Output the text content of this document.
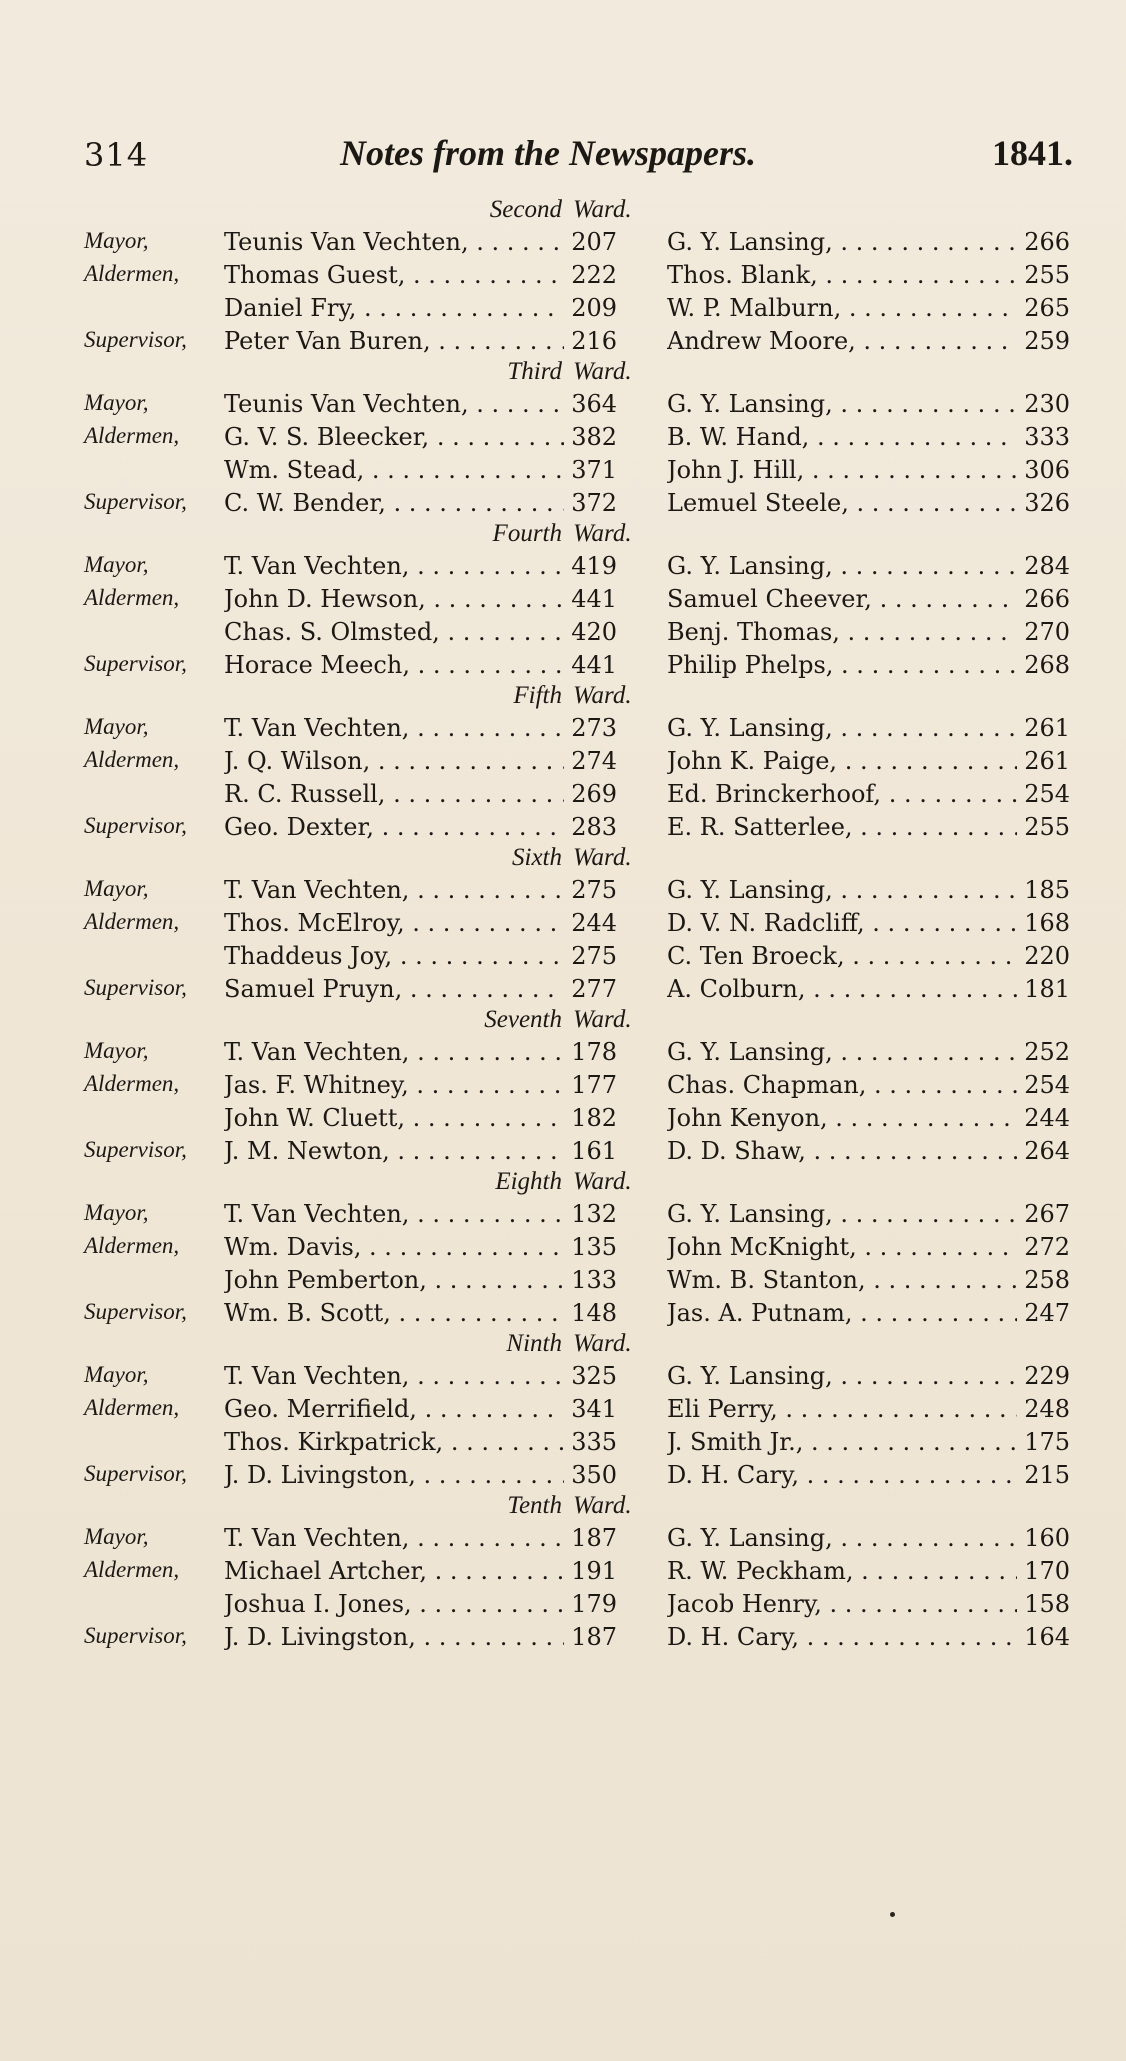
314	Notes from the Newspapers.	1841.
Second Ward.
Mayor,	Teunis Van Vechten, . . .	207 G. Y. Lansing, . . .	266
Aldermen, Thomas Guest, . . .	222 Thos. Blank, . . .	255
Daniel Fry, . . .	209 W. P. Malburn, . . .	265
Supervisor, Peter Van Buren, . . .	216 Andrew Moore, . . .	259
Third Ward.
Mayor,	Teunis Van Vechten, . . .	364 G. Y. Lansing, . . .	230
Aldermen, G. V. S. Bleecker, . . .	382 B. W. Hand, . . .	333
Wm. Stead, . . .	371 John J. Hill, . . .	306
Supervisor, C. W. Bender, . . .	372 Lemuel Steele, . . .	326
Fourth Ward.
Mayor,	T. Van Vechten, . . .	419 G. Y. Lansing, . . .	284
Aldermen, John D. Hewson, . . .	441 Samuel Cheever, . . .	266
Chas. S. Olmsted, . . .	420 Benj. Thomas, . . .	270
Supervisor, Horace Meech, . . .	441 Philip Phelps, . . .	268
Fifth Ward.
Mayor,	T. Van Vechten, . . .	273 G. Y. Lansing, . . .	261
Aldermen, J. Q. Wilson, . . .	274 John K. Paige, . . .	261
R. C. Russell, . . .	269 Ed. Brinckerhoof, . . .	254
Supervisor, Geo. Dexter, . . .	283 E. R. Satterlee, . . .	255
Sixth Ward.
Mayor,	T. Van Vechten, . . .	275 G. Y. Lansing, . . .	185
Aldermen, Thos. McElroy, . . .	244 D. V. N. Radcliff, . . .	168
Thaddeus Joy, . . .	275 C. Ten Broeck, . . .	220
Supervisor, Samuel Pruyn, . . .	277 A. Colburn, . . .	181
Seventh Ward.
Mayor,	T. Van Vechten, . . .	178 G. Y. Lansing, . . .	252
Aldermen, Jas. F. Whitney, . . .	177 Chas. Chapman, . . .	254
John W. Cluett, . . .	182 John Kenyon, . . .	244
Supervisor, J. M. Newton, . . .	161 D. D. Shaw, . . .	264
Eighth Ward.
Mayor,	T. Van Vechten, . . .	132 G. Y. Lansing, . . .	267
Aldermen, Wm. Davis, . . .	135 John McKnight, . . .	272
John Pemberton, . . .	133 Wm. B. Stanton, . . .	258
Supervisor, Wm. B. Scott, . . .	148 Jas. A. Putnam, . . .	247
Ninth Ward.
Mayor,	T. Van Vechten, . . .	325 G. Y. Lansing, . . .	229
Aldermen, Geo. Merrifield, . . .	341 Eli Perry, . . .	248
Thos. Kirkpatrick, . . .	335 J. Smith Jr., . . .	175
Supervisor, J. D. Livingston, . . .	350 D. H. Cary, . . .	215
Tenth Ward.
Mayor,	T. Van Vechten, . . .	187 G. Y. Lansing, . . .	160
Aldermen, Michael Artcher, . . .	191 R. W. Peckham, . . .	170
Joshua I. Jones, . . .	179 Jacob Henry, . . .	158
Supervisor, J. D. Livingston, . . .	187 D. H. Cary, . . .	164
